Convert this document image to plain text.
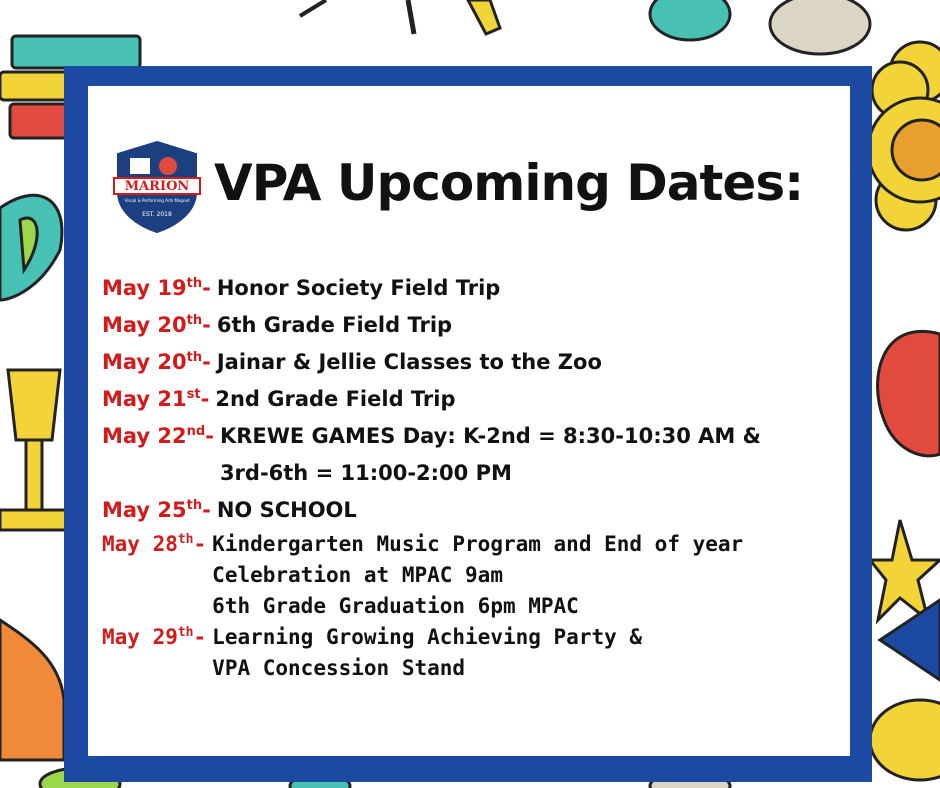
MARION
Visual & Performing Arts Magnet
EST. 2018
VPA Upcoming Dates:
May 19th - Honor Society Field Trip
May 20th - 6th Grade Field Trip
May 20th - Jainar & Jellie Classes to the Zoo
May 21st - 2nd Grade Field Trip
May 22nd - KREWE GAMES Day: K-2nd = 8:30-10:30 AM &
3rd-6th = 11:00-2:00 PM
May 25th - NO SCHOOL
May 28th - Kindergarten Music Program and End of year
Celebration at MPAC 9am
6th Grade Graduation 6pm MPAC
May 29th - Learning Growing Achieving Party &
VPA Concession Stand
